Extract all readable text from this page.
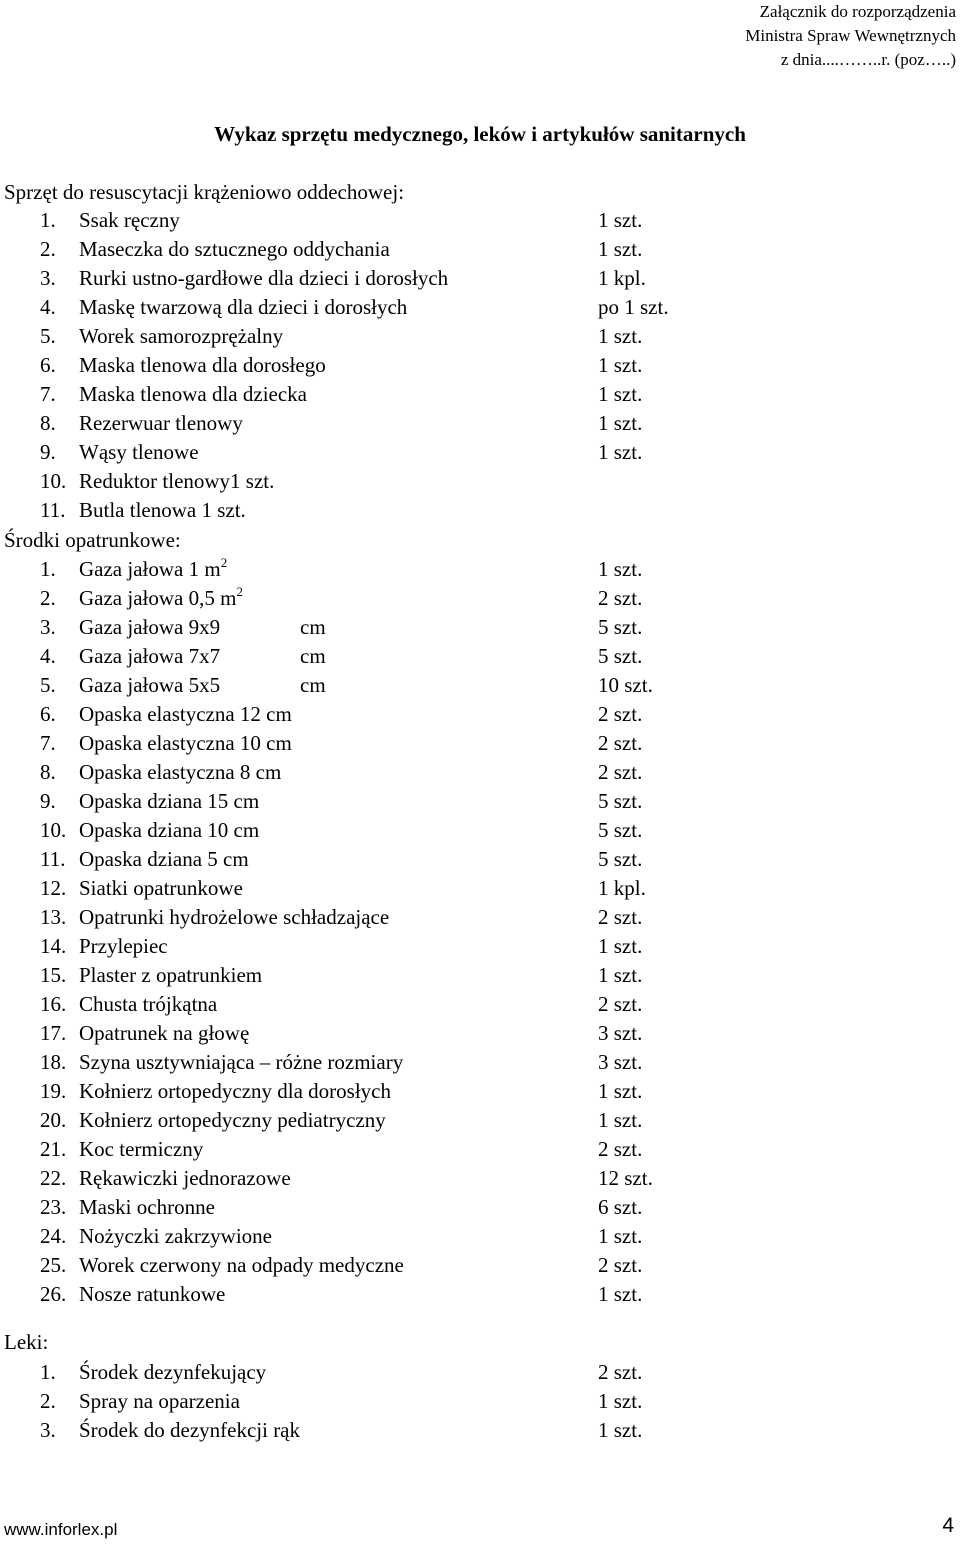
Załącznik do rozporządzenia
Ministra Spraw Wewnętrznych
z dnia....……..r. (poz…..)
Wykaz sprzętu medycznego, leków i artykułów sanitarnych
Sprzęt do resuscytacji krążeniowo oddechowej:
1. Ssak ręczny	1 szt.
2. Maseczka do sztucznego oddychania	1 szt.
3. Rurki ustno-gardłowe dla dzieci i dorosłych	1 kpl.
4. Maskę twarzową dla dzieci i dorosłych	po 1 szt.
5. Worek samorozprężalny	1 szt.
6. Maska tlenowa dla dorosłego	1 szt.
7. Maska tlenowa dla dziecka	1 szt.
8. Rezerwuar tlenowy	1 szt.
9. Wąsy tlenowe	1 szt.
10. Reduktor tlenowy1 szt.
11. Butla tlenowa 1 szt.
Środki opatrunkowe:
1. Gaza jałowa 1 $m^2$	1 szt.
2. Gaza jałowa 0,5 $m^2$	2 szt.
3. Gaza jałowa 9x9	cm	5 szt.
4. Gaza jałowa 7x7	cm	5 szt.
5. Gaza jałowa 5x5	cm	10 szt.
6. Opaska elastyczna 12 cm	2 szt.
7. Opaska elastyczna 10 cm	2 szt.
8. Opaska elastyczna 8 cm	2 szt.
9. Opaska dziana 15 cm	5 szt.
10. Opaska dziana 10 cm	5 szt.
11. Opaska dziana 5 cm	5 szt.
12. Siatki opatrunkowe	1 kpl.
13. Opatrunki hydrożelowe schładzające	2 szt.
14. Przylepiec	1 szt.
15. Plaster z opatrunkiem	1 szt.
16. Chusta trójkątna	2 szt.
17. Opatrunek na głowę	3 szt.
18. Szyna usztywniająca – różne rozmiary	3 szt.
19. Kołnierz ortopedyczny dla dorosłych	1 szt.
20. Kołnierz ortopedyczny pediatryczny	1 szt.
21. Koc termiczny	2 szt.
22. Rękawiczki jednorazowe	12 szt.
23. Maski ochronne	6 szt.
24. Nożyczki zakrzywione	1 szt.
25. Worek czerwony na odpady medyczne	2 szt.
26. Nosze ratunkowe	1 szt.
Leki:
1. Środek dezynfekujący	2 szt.
2. Spray na oparzenia	1 szt.
3. Środek do dezynfekcji rąk	1 szt.
www.inforlex.pl	4
